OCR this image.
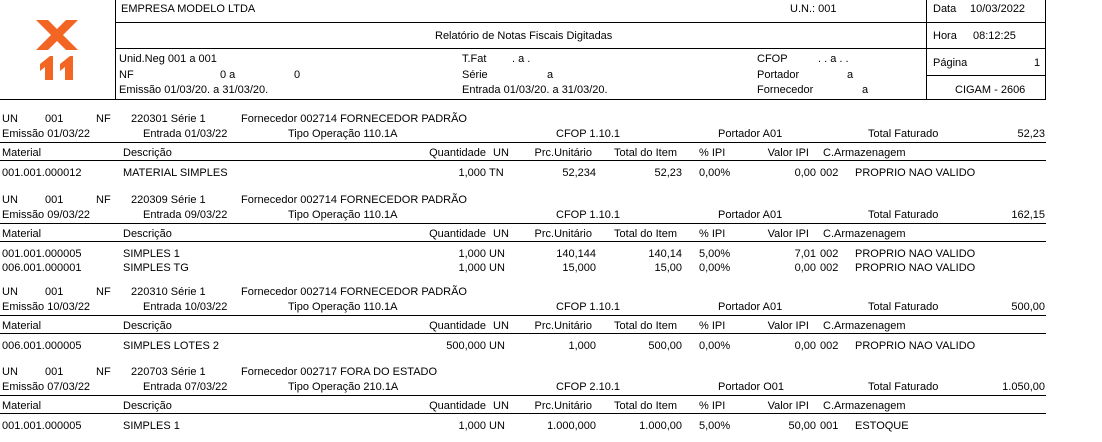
EMPRESA MODELO LTDA	U.N.: 001	Data 10/03/2022
Relatório de Notas Fiscais Digitadas	Hora 08:12:25
Unid.Neg 001 a 001
NF	0 a	0
Emissão 01/03/20. a 31/03/20.
T.Fat . a .
Série	a
Entrada 01/03/20. a 31/03/20.
CFOP	. . a . .
Portador	a
Fornecedor	a
Página	1
CIGAM - 2606
UN 001	NF 220301 Série 1	Fornecedor 002714 FORNECEDOR PADRÃO
Emissão 01/03/22	Entrada 01/03/22	Tipo Operação 110.1A	CFOP 1.10.1	Portador A01	Total Faturado	52,23
Material	Descrição	Quantidade UN	Prc.Unitário	Total do Item % IPI	Valor IPI C.Armazenagem
001.001.000012	MATERIAL SIMPLES	1,000 TN	52,234	52,23 0,00%	0,00 002 PROPRIO NAO VALIDO
UN 001	NF 220309 Série 1	Fornecedor 002714 FORNECEDOR PADRÃO
Emissão 09/03/22	Entrada 09/03/22	Tipo Operação 110.1A	CFOP 1.10.1	Portador A01	Total Faturado	162,15
Material	Descrição	Quantidade UN	Prc.Unitário	Total do Item % IPI	Valor IPI C.Armazenagem
001.001.000005	SIMPLES 1	1,000 UN	140,144	140,14 5,00%	7,01 002 PROPRIO NAO VALIDO
006.001.000001	SIMPLES TG	1,000 UN	15,000	15,00 0,00%	0,00 002 PROPRIO NAO VALIDO
UN 001	NF 220310 Série 1	Fornecedor 002714 FORNECEDOR PADRÃO
Emissão 10/03/22	Entrada 10/03/22	Tipo Operação 110.1A	CFOP 1.10.1	Portador A01	Total Faturado	500,00
Material	Descrição	Quantidade UN	Prc.Unitário	Total do Item % IPI	Valor IPI C.Armazenagem
006.001.000005	SIMPLES LOTES 2	500,000 UN	1,000	500,00 0,00%	0,00 002 PROPRIO NAO VALIDO
UN 001	NF 220703 Série 1	Fornecedor 002717 FORA DO ESTADO
Emissão 07/03/22	Entrada 07/03/22	Tipo Operação 210.1A	CFOP 2.10.1	Portador O01	Total Faturado	1.050,00
Material	Descrição	Quantidade UN	Prc.Unitário	Total do Item % IPI	Valor IPI C.Armazenagem
001.001.000005	SIMPLES 1	1,000 UN	1.000,000	1.000,00 5,00%	50,00 001 ESTOQUE
